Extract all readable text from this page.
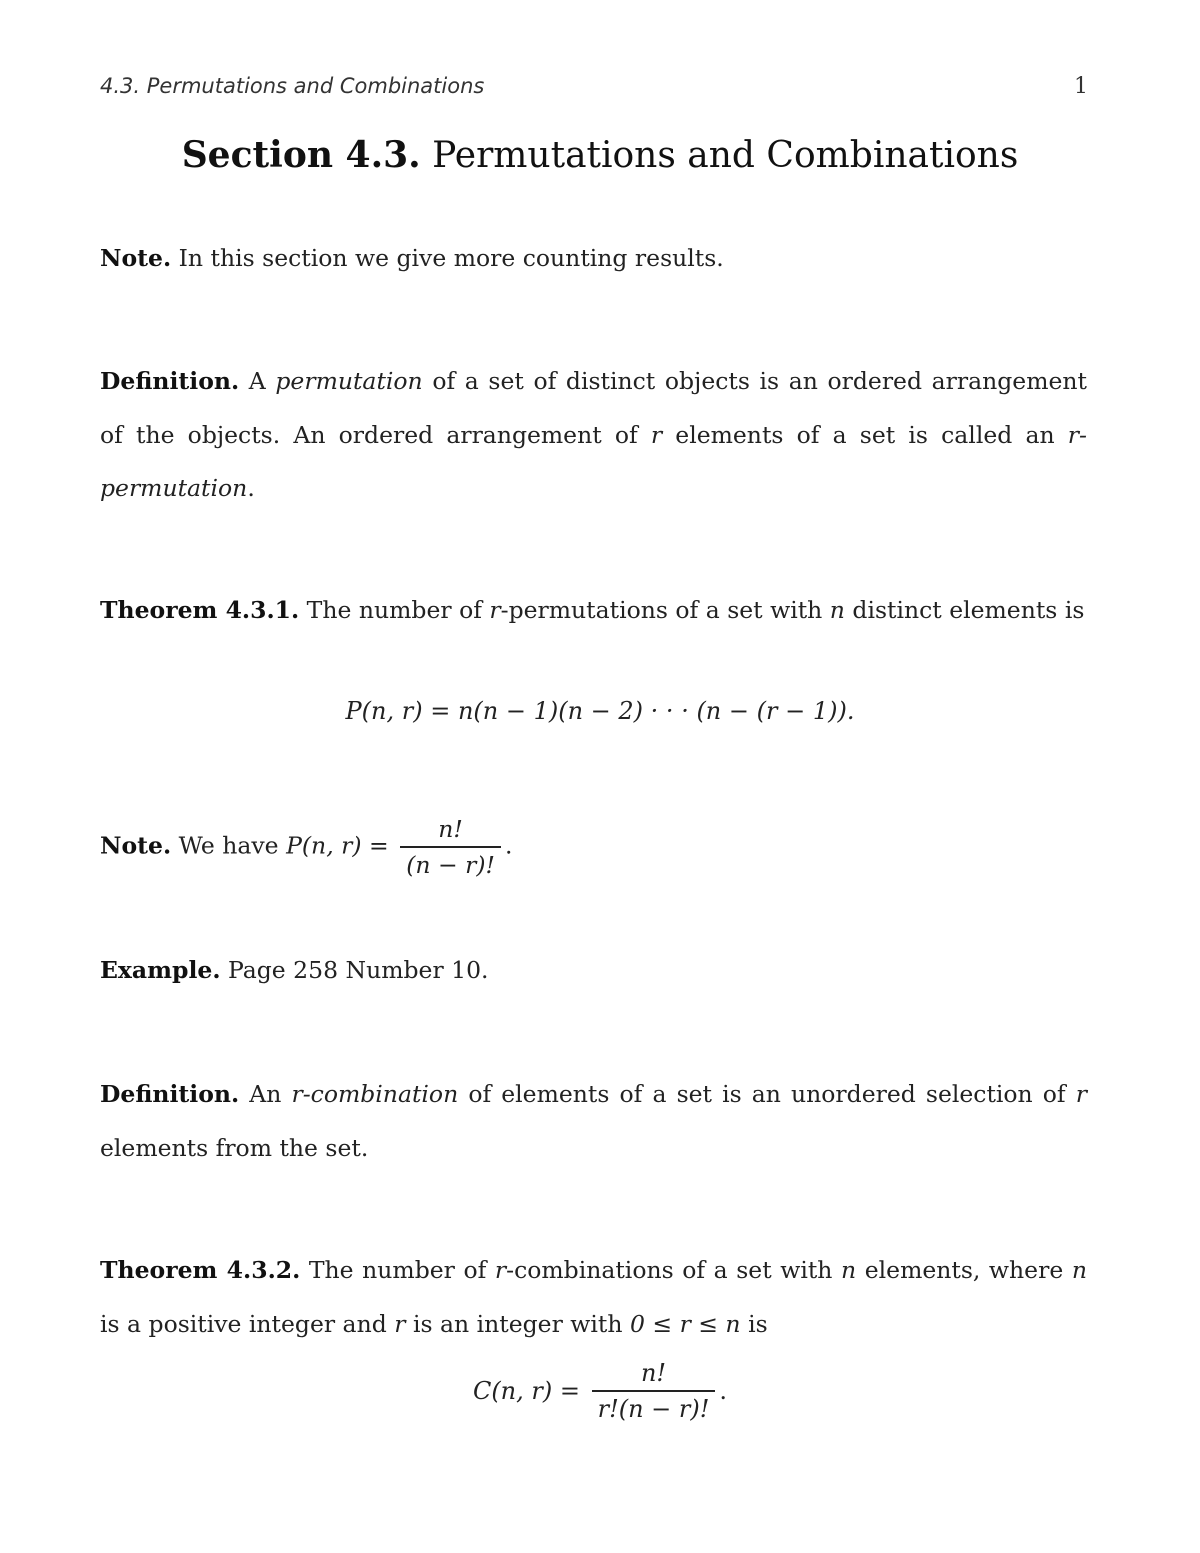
4.3. Permutations and Combinations	1
Section 4.3. Permutations and Combinations
Note. In this section we give more counting results.
Definition. A permutation of a set of distinct objects is an ordered arrangement of the objects. An ordered arrangement of r elements of a set is called an r-permutation.
Theorem 4.3.1. The number of r-permutations of a set with n distinct elements is
P(n, r) = n(n − 1)(n − 2) · · · (n − (r − 1)).
Note. We have P(n, $r) = \frac{n!}{(n - r)!}$ .
Example. Page 258 Number 10.
Definition. An r-combination of elements of a set is an unordered selection of r elements from the set.
Theorem 4.3.2. The number of r-combinations of a set with n elements, where n is a positive integer and r is an integer with 0 ≤ r ≤ n is
C(n, $r) = \frac{n!}{r!(n - r)!}$ .
